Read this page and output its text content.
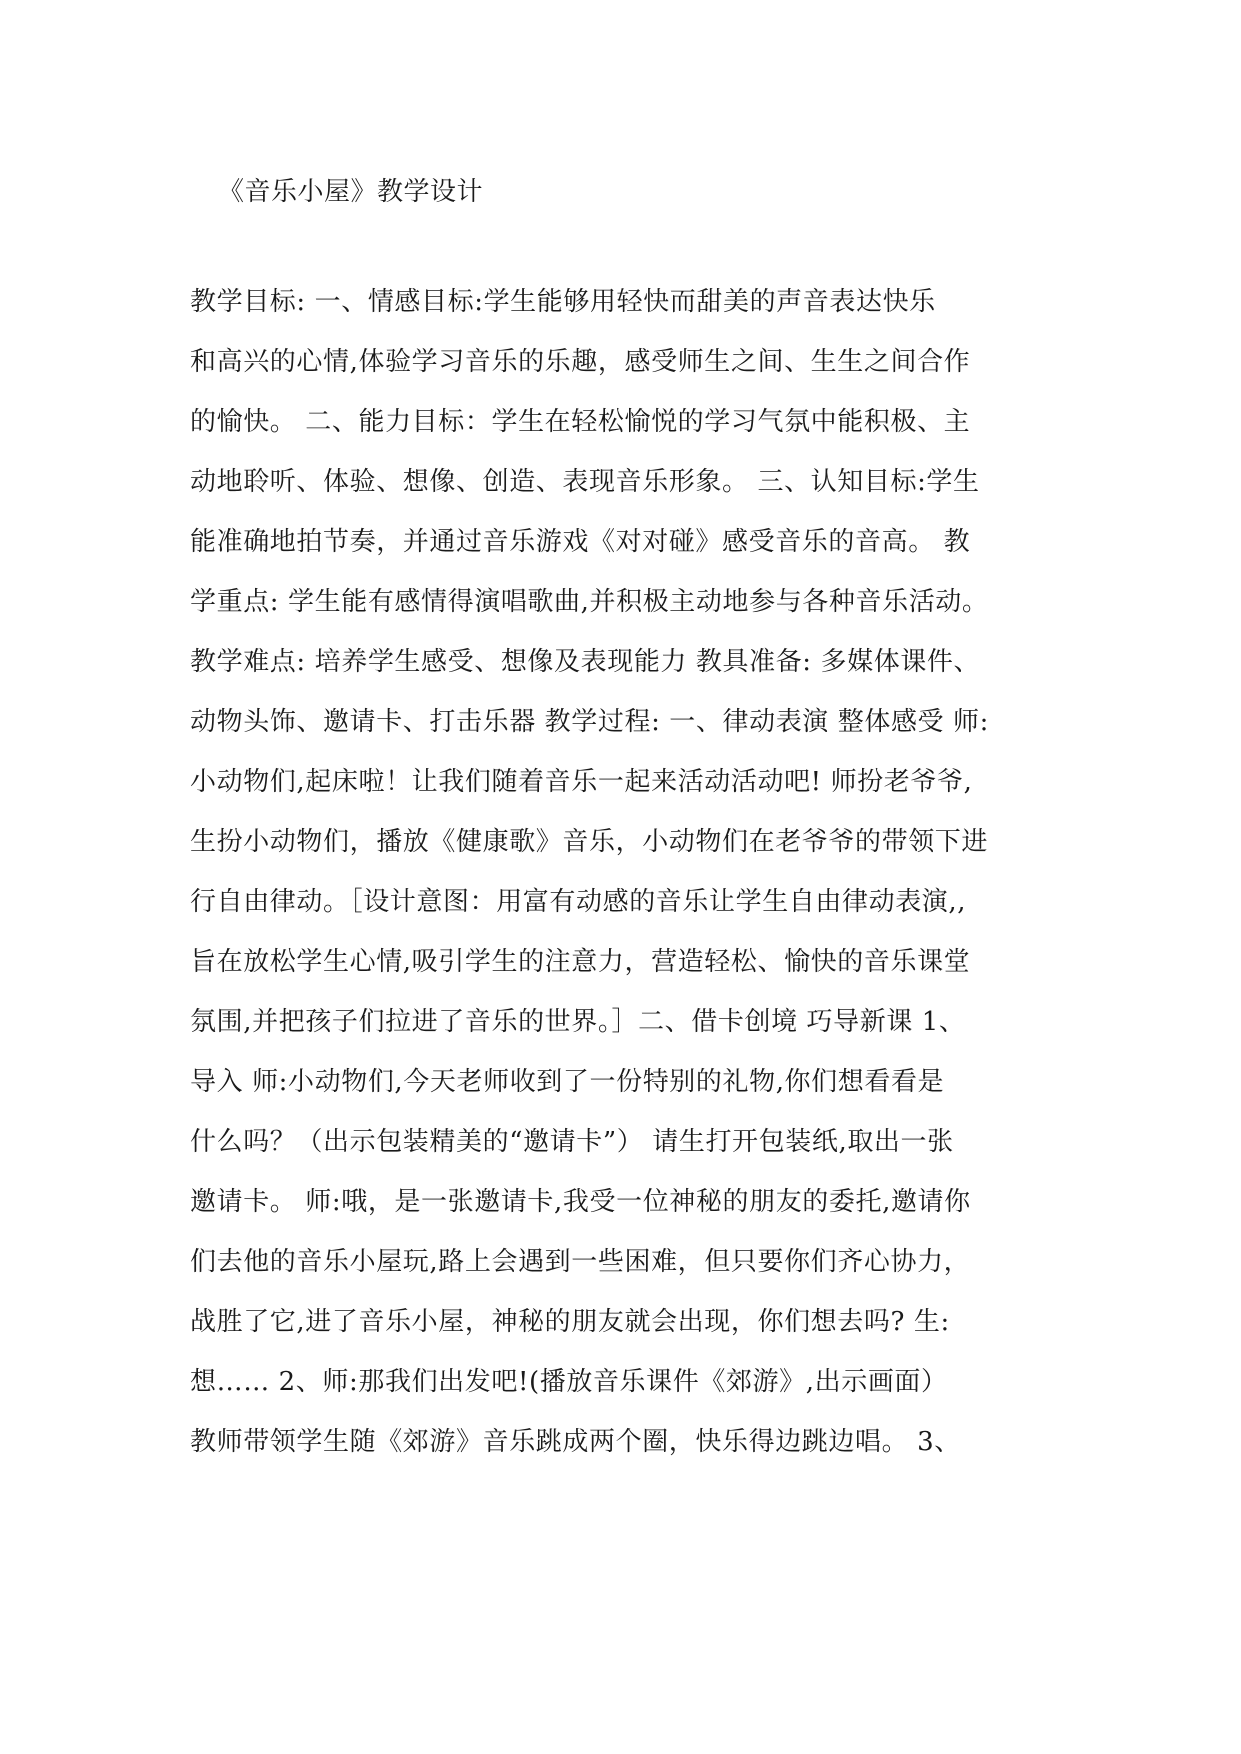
《音乐小屋》教学设计

教学目标: 一、情感目标:学生能够用轻快而甜美的声音表达快乐

和高兴的心情,体验学习音乐的乐趣，感受师生之间、生生之间合作

的愉快。 二、能力目标：学生在轻松愉悦的学习气氛中能积极、主

动地聆听、体验、想像、创造、表现音乐形象。 三、认知目标:学生

能准确地拍节奏，并通过音乐游戏《对对碰》感受音乐的音高。 教

学重点: 学生能有感情得演唱歌曲,并积极主动地参与各种音乐活动。

教学难点: 培养学生感受、想像及表现能力 教具准备: 多媒体课件、

动物头饰、邀请卡、打击乐器 教学过程: 一、律动表演 整体感受 师:

小动物们,起床啦！让我们随着音乐一起来活动活动吧! 师扮老爷爷,

生扮小动物们，播放《健康歌》音乐，小动物们在老爷爷的带领下进

行自由律动。［设计意图：用富有动感的音乐让学生自由律动表演,,

旨在放松学生心情,吸引学生的注意力，营造轻松、愉快的音乐课堂

氛围,并把孩子们拉进了音乐的世界。］二、借卡创境 巧导新课 1、

导入 师:小动物们,今天老师收到了一份特别的礼物,你们想看看是

什么吗？（出示包装精美的“邀请卡”） 请生打开包装纸,取出一张

邀请卡。 师:哦，是一张邀请卡,我受一位神秘的朋友的委托,邀请你

们去他的音乐小屋玩,路上会遇到一些困难，但只要你们齐心协力，

战胜了它,进了音乐小屋，神秘的朋友就会出现，你们想去吗? 生:

想…… 2、师:那我们出发吧!(播放音乐课件《郊游》,出示画面）

教师带领学生随《郊游》音乐跳成两个圈，快乐得边跳边唱。 3、
